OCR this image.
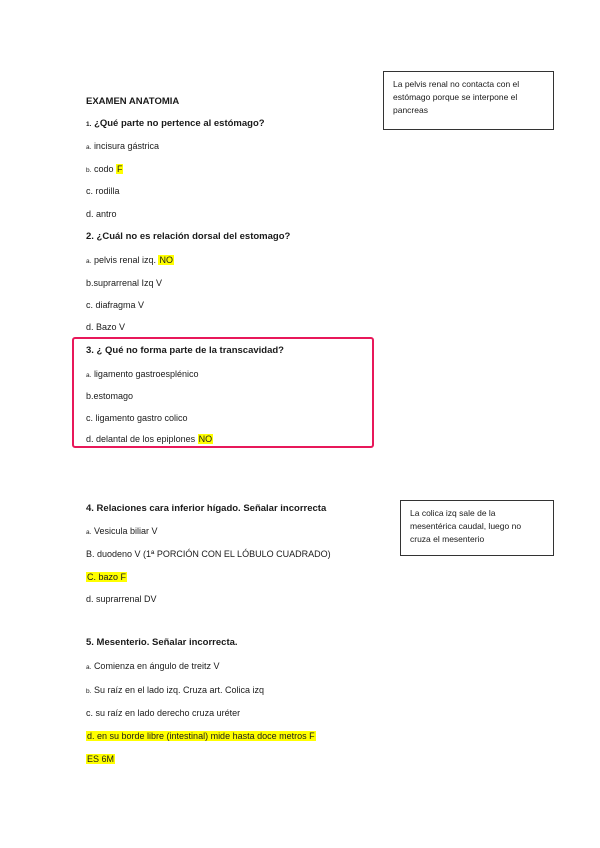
La pelvis renal no contacta con el estómago porque se interpone el pancreas
EXAMEN ANATOMIA
1. ¿Qué parte no pertence al estómago?
a. incisura gástrica
b. codo F
c. rodilla
d. antro
2. ¿Cuál no es relación dorsal del estomago?
a. pelvis renal izq. NO
b.suprarrenal Izq V
c. diafragma V
d. Bazo V
3. ¿ Qué no forma parte de la transcavidad?
a. ligamento gastroesplénico
b.estomago
c. ligamento gastro colico
d. delantal de los epiplones NO
La colica izq sale de la mesentérica caudal, luego no cruza el mesenterio
4. Relaciones cara inferior hígado. Señalar incorrecta
a. Vesicula biliar V
B. duodeno V (1ª PORCIÓN CON EL LÓBULO CUADRADO)
C. bazo F
d. suprarrenal DV
5. Mesenterio. Señalar incorrecta.
a. Comienza en ángulo de treitz V
b. Su raíz en el lado izq. Cruza art. Colica izq
c. su raíz en lado derecho cruza uréter
d. en su borde libre (intestinal) mide hasta doce metros F
ES 6M
